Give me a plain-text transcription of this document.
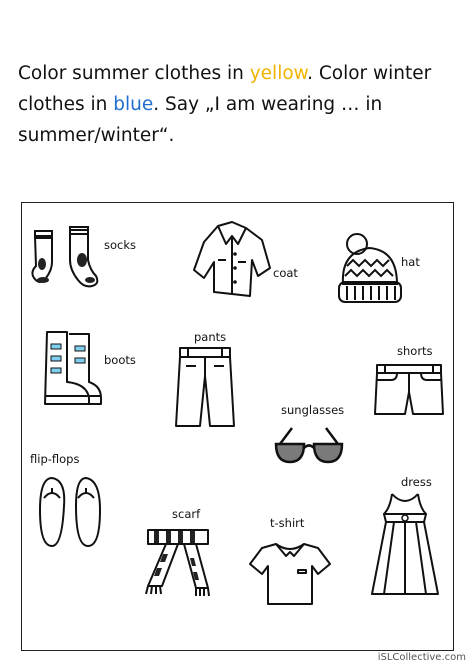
Color summer clothes in yellow. Color winter clothes in blue. Say „I am wearing … in summer/winter“.

socks
coat
hat
boots
pants
shorts
sunglasses
flip-flops
scarf
t-shirt
dress
iSLCollective.com
